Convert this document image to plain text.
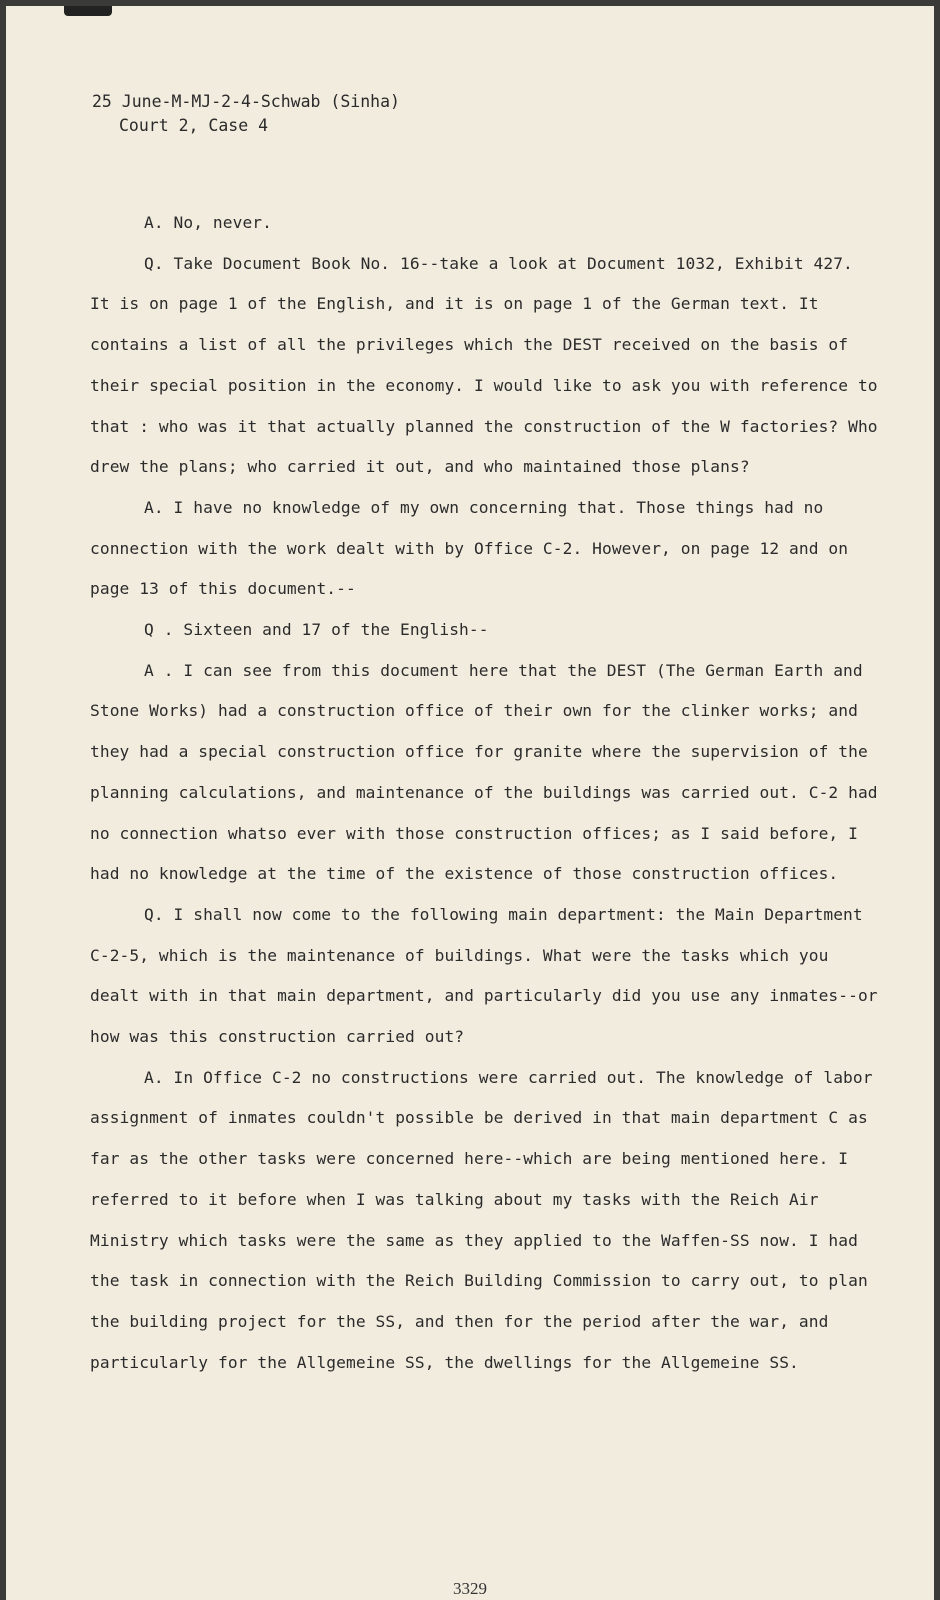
25 June-M-MJ-2-4-Schwab (Sinha)
Court 2, Case 4

A. No, never.

Q. Take Document Book No. 16--take a look at Document 1032, Exhibit 427. It is on page 1 of the English, and it is on page 1 of the German text. It contains a list of all the privileges which the DEST received on the basis of their special position in the economy. I would like to ask you with reference to that : who was it that actually planned the construction of the W factories? Who drew the plans; who carried it out, and who maintained those plans?

A. I have no knowledge of my own concerning that. Those things had no connection with the work dealt with by Office C-2. However, on page 12 and on page 13 of this document.--

Q . Sixteen and 17 of the English--

A . I can see from this document here that the DEST (The German Earth and Stone Works) had a construction office of their own for the clinker works; and they had a special construction office for granite where the supervision of the planning calculations, and maintenance of the buildings was carried out. C-2 had no connection whatso ever with those construction offices; as I said before, I had no knowledge at the time of the existence of those construction offices.

Q. I shall now come to the following main department: the Main Department C-2-5, which is the maintenance of buildings. What were the tasks which you dealt with in that main department, and particularly did you use any inmates--or how was this construction carried out?

A. In Office C-2 no constructions were carried out. The knowledge of labor assignment of inmates couldn't possible be derived in that main department C as far as the other tasks were concerned here--which are being mentioned here. I referred to it before when I was talking about my tasks with the Reich Air Ministry which tasks were the same as they applied to the Waffen-SS now. I had the task in connection with the Reich Building Commission to carry out, to plan the building project for the SS, and then for the period after the war, and particularly for the Allgemeine SS, the dwellings for the Allgemeine SS.

3329
